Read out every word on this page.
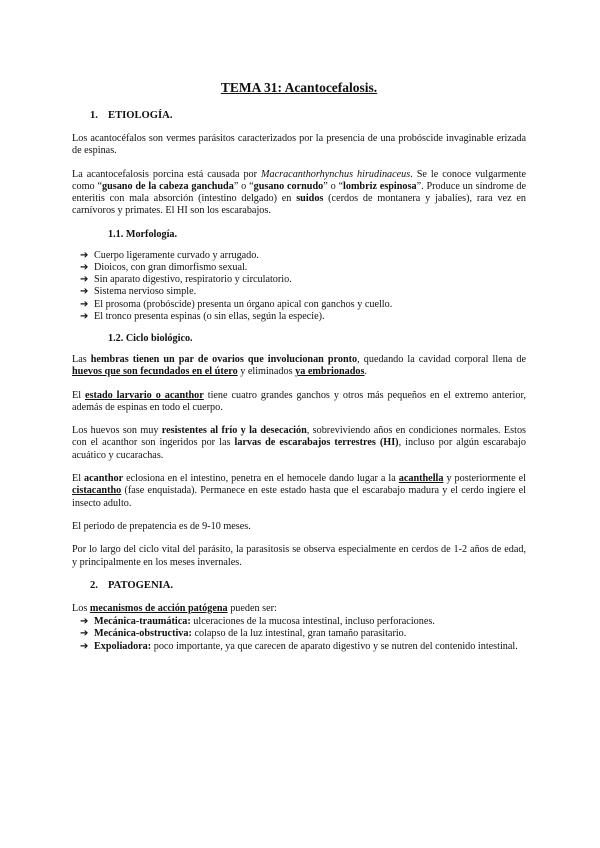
TEMA 31: Acantocefalosis.
1. ETIOLOGÍA.

Los acantocéfalos son vermes parásitos caracterizados por la presencia de una probóscide invaginable erizada de espinas.

La acantocefalosis porcina está causada por Macracanthorhynchus hirudinaceus. Se le conoce vulgarmente como “gusano de la cabeza ganchuda” o “gusano cornudo” o “lombriz espinosa”. Produce un síndrome de enteritis con mala absorción (intestino delgado) en suidos (cerdos de montanera y jabalíes), rara vez en carnívoros y primates. El HI son los escarabajos.

1.1. Morfología.
➔ Cuerpo ligeramente curvado y arrugado.
➔ Dioicos, con gran dimorfismo sexual.
➔ Sin aparato digestivo, respiratorio y circulatorio.
➔ Sistema nervioso simple.
➔ El prosoma (probóscide) presenta un órgano apical con ganchos y cuello.
➔ El tronco presenta espinas (o sin ellas, según la especie).
1.2. Ciclo biológico.

Las hembras tienen un par de ovarios que involucionan pronto, quedando la cavidad corporal llena de huevos que son fecundados en el útero y eliminados ya embrionados.

El estado larvario o acanthor tiene cuatro grandes ganchos y otros más pequeños en el extremo anterior, además de espinas en todo el cuerpo.

Los huevos son muy resistentes al frío y la desecación, sobreviviendo años en condiciones normales. Estos con el acanthor son ingeridos por las larvas de escarabajos terrestres (HI), incluso por algún escarabajo acuático y cucarachas.

El acanthor eclosiona en el intestino, penetra en el hemocele dando lugar a la acanthella y posteriormente el cistacantho (fase enquistada). Permanece en este estado hasta que el escarabajo madura y el cerdo ingiere el insecto adulto.

El periodo de prepatencia es de 9-10 meses.

Por lo largo del ciclo vital del parásito, la parasitosis se observa especialmente en cerdos de 1-2 años de edad, y principalmente en los meses invernales.

2. PATOGENIA.

Los mecanismos de acción patógena pueden ser:

➔ Mecánica-traumática: ulceraciones de la mucosa intestinal, incluso perforaciones.
➔ Mecánica-obstructiva: colapso de la luz intestinal, gran tamaño parasitario.
➔ Expoliadora: poco importante, ya que carecen de aparato digestivo y se nutren del contenido intestinal.
